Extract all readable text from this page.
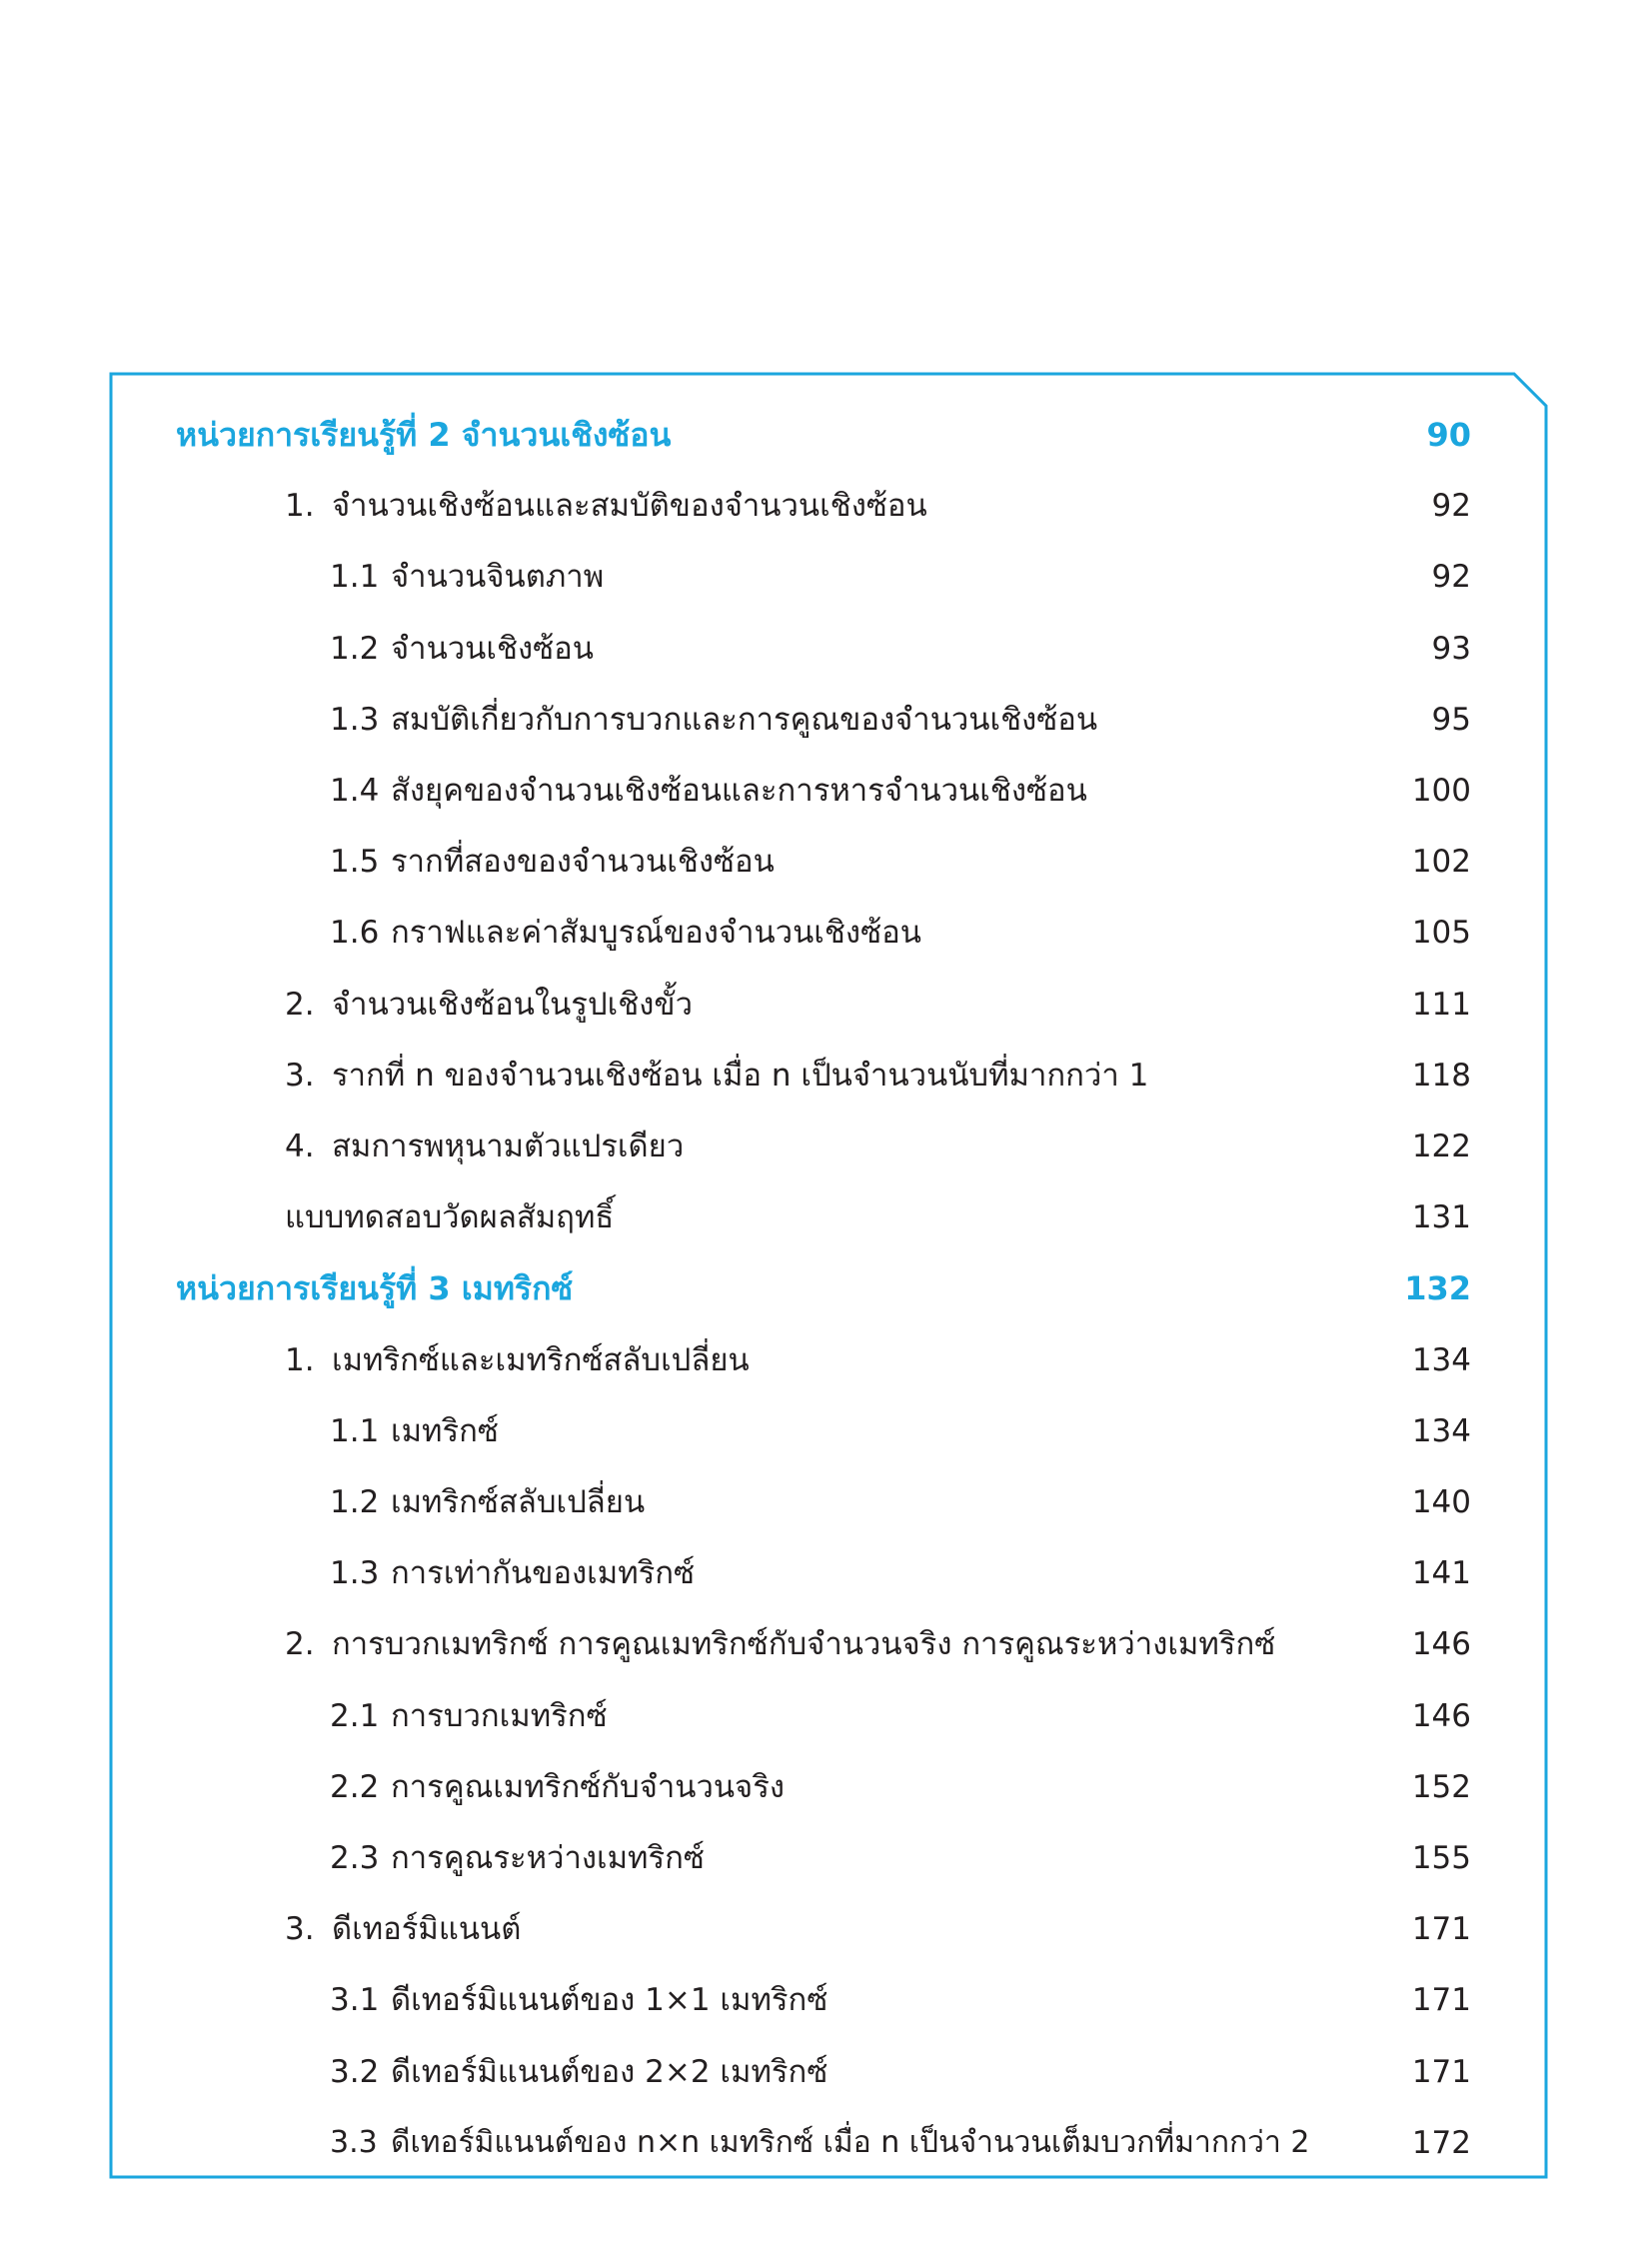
หน่วยการเรียนรู้ที่ 2 จำนวนเชิงซ้อน	90
1. จำนวนเชิงซ้อนและสมบัติของจำนวนเชิงซ้อน	92
1.1 จำนวนจินตภาพ	92
1.2 จำนวนเชิงซ้อน	93
1.3 สมบัติเกี่ยวกับการบวกและการคูณของจำนวนเชิงซ้อน	95
1.4 สังยุคของจำนวนเชิงซ้อนและการหารจำนวนเชิงซ้อน	100
1.5 รากที่สองของจำนวนเชิงซ้อน	102
1.6 กราฟและค่าสัมบูรณ์ของจำนวนเชิงซ้อน	105
2. จำนวนเชิงซ้อนในรูปเชิงขั้ว	111
3. รากที่ n ของจำนวนเชิงซ้อน เมื่อ n เป็นจำนวนนับที่มากกว่า 1	118
4. สมการพหุนามตัวแปรเดียว	122
แบบทดสอบวัดผลสัมฤทธิ์	131
หน่วยการเรียนรู้ที่ 3 เมทริกซ์	132
1. เมทริกซ์และเมทริกซ์สลับเปลี่ยน	134
1.1 เมทริกซ์	134
1.2 เมทริกซ์สลับเปลี่ยน	140
1.3 การเท่ากันของเมทริกซ์	141
2. การบวกเมทริกซ์ การคูณเมทริกซ์กับจำนวนจริง การคูณระหว่างเมทริกซ์	146
2.1 การบวกเมทริกซ์	146
2.2 การคูณเมทริกซ์กับจำนวนจริง	152
2.3 การคูณระหว่างเมทริกซ์	155
3. ดีเทอร์มิแนนต์	171
3.1 ดีเทอร์มิแนนต์ของ 1×1 เมทริกซ์	171
3.2 ดีเทอร์มิแนนต์ของ 2×2 เมทริกซ์	171
3.3 ดีเทอร์มิแนนต์ของ n×n เมทริกซ์ เมื่อ n เป็นจำนวนเต็มบวกที่มากกว่า 2	172
